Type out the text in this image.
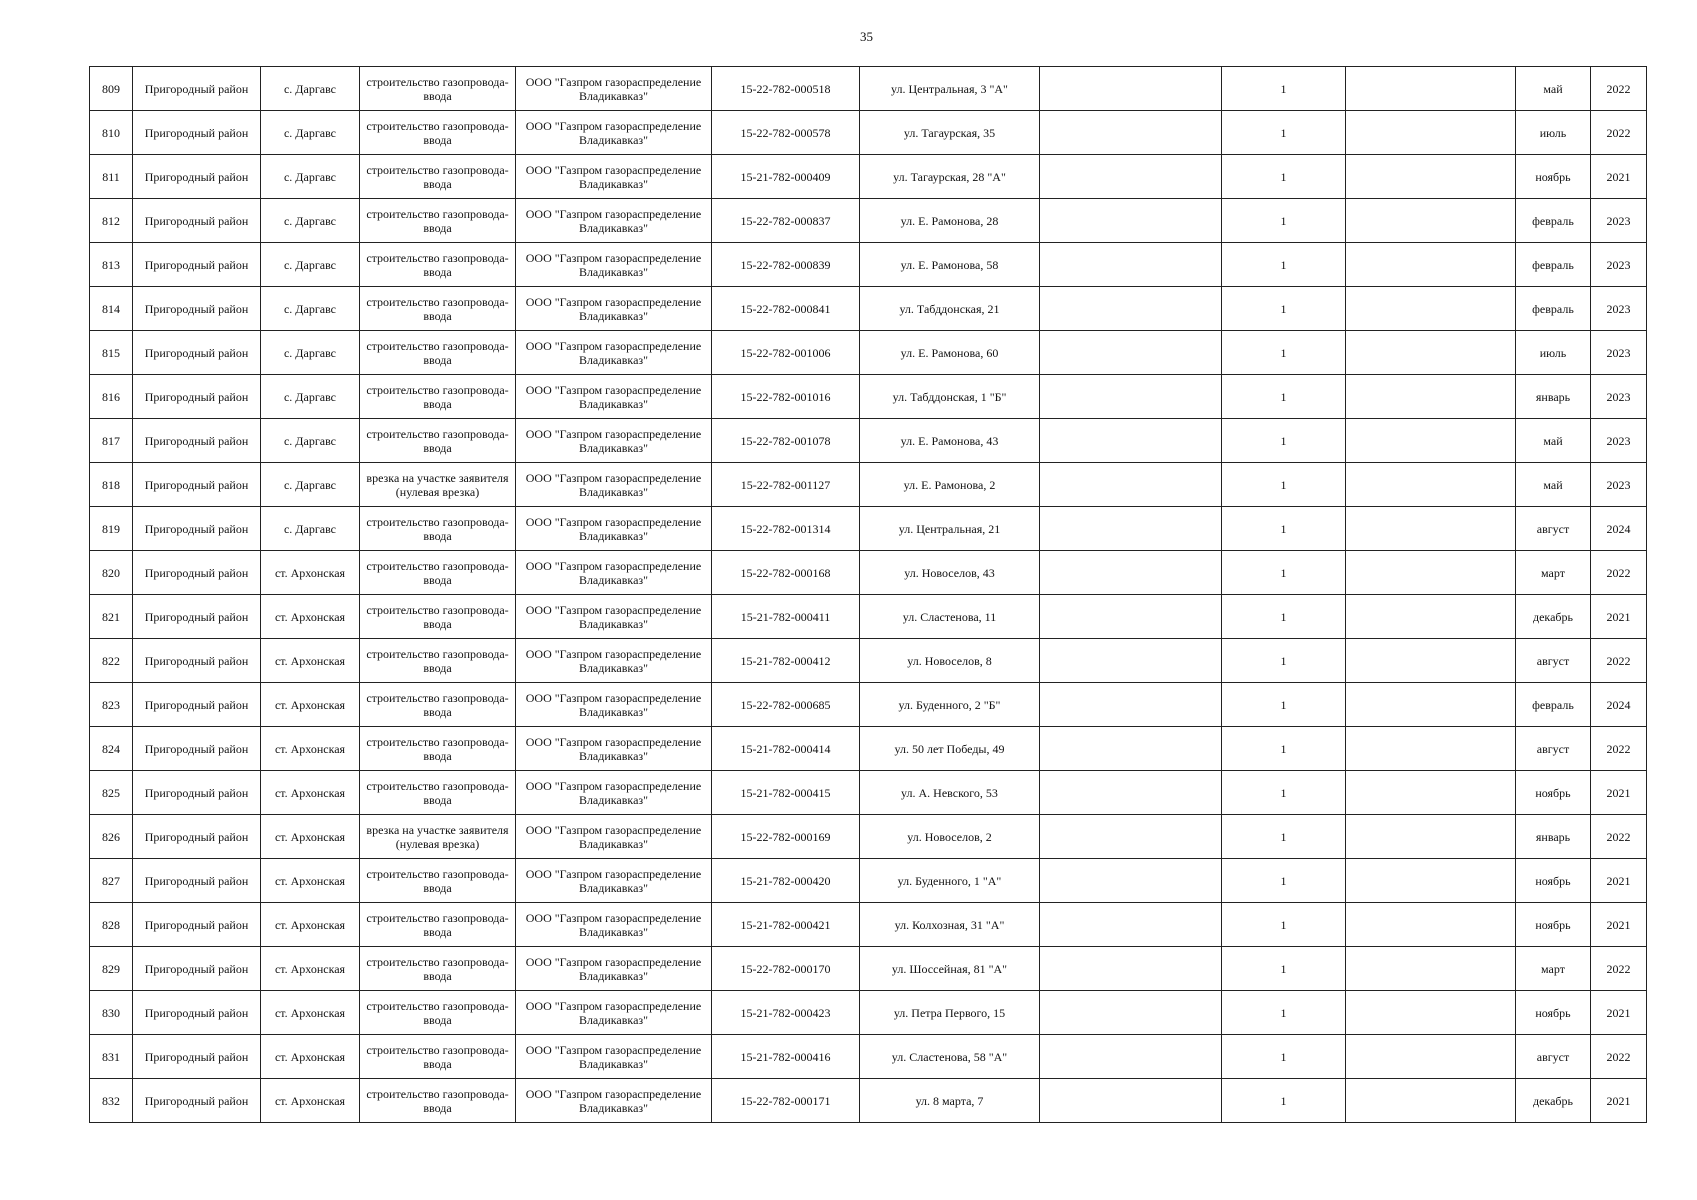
35
809	Пригородный район	с. Даргавс	строительство газопровода-ввода	ООО "Газпром газораспределение Владикавказ"	15-22-782-000518	ул. Центральная, 3 "А"		1		май	2022
810	Пригородный район	с. Даргавс	строительство газопровода-ввода	ООО "Газпром газораспределение Владикавказ"	15-22-782-000578	ул. Тагаурская, 35		1		июль	2022
811	Пригородный район	с. Даргавс	строительство газопровода-ввода	ООО "Газпром газораспределение Владикавказ"	15-21-782-000409	ул. Тагаурская, 28 "А"		1		ноябрь	2021
812	Пригородный район	с. Даргавс	строительство газопровода-ввода	ООО "Газпром газораспределение Владикавказ"	15-22-782-000837	ул. Е. Рамонова, 28		1		февраль	2023
813	Пригородный район	с. Даргавс	строительство газопровода-ввода	ООО "Газпром газораспределение Владикавказ"	15-22-782-000839	ул. Е. Рамонова, 58		1		февраль	2023
814	Пригородный район	с. Даргавс	строительство газопровода-ввода	ООО "Газпром газораспределение Владикавказ"	15-22-782-000841	ул. Табддонская, 21		1		февраль	2023
815	Пригородный район	с. Даргавс	строительство газопровода-ввода	ООО "Газпром газораспределение Владикавказ"	15-22-782-001006	ул. Е. Рамонова, 60		1		июль	2023
816	Пригородный район	с. Даргавс	строительство газопровода-ввода	ООО "Газпром газораспределение Владикавказ"	15-22-782-001016	ул. Табддонская, 1 "Б"		1		январь	2023
817	Пригородный район	с. Даргавс	строительство газопровода-ввода	ООО "Газпром газораспределение Владикавказ"	15-22-782-001078	ул. Е. Рамонова, 43		1		май	2023
818	Пригородный район	с. Даргавс	врезка на участке заявителя (нулевая врезка)	ООО "Газпром газораспределение Владикавказ"	15-22-782-001127	ул. Е. Рамонова, 2		1		май	2023
819	Пригородный район	с. Даргавс	строительство газопровода-ввода	ООО "Газпром газораспределение Владикавказ"	15-22-782-001314	ул. Центральная, 21		1		август	2024
820	Пригородный район	ст. Архонская	строительство газопровода-ввода	ООО "Газпром газораспределение Владикавказ"	15-22-782-000168	ул. Новоселов, 43		1		март	2022
821	Пригородный район	ст. Архонская	строительство газопровода-ввода	ООО "Газпром газораспределение Владикавказ"	15-21-782-000411	ул. Сластенова, 11		1		декабрь	2021
822	Пригородный район	ст. Архонская	строительство газопровода-ввода	ООО "Газпром газораспределение Владикавказ"	15-21-782-000412	ул. Новоселов, 8		1		август	2022
823	Пригородный район	ст. Архонская	строительство газопровода-ввода	ООО "Газпром газораспределение Владикавказ"	15-22-782-000685	ул. Буденного, 2 "Б"		1		февраль	2024
824	Пригородный район	ст. Архонская	строительство газопровода-ввода	ООО "Газпром газораспределение Владикавказ"	15-21-782-000414	ул. 50 лет Победы, 49		1		август	2022
825	Пригородный район	ст. Архонская	строительство газопровода-ввода	ООО "Газпром газораспределение Владикавказ"	15-21-782-000415	ул. А. Невского, 53		1		ноябрь	2021
826	Пригородный район	ст. Архонская	врезка на участке заявителя (нулевая врезка)	ООО "Газпром газораспределение Владикавказ"	15-22-782-000169	ул. Новоселов, 2		1		январь	2022
827	Пригородный район	ст. Архонская	строительство газопровода-ввода	ООО "Газпром газораспределение Владикавказ"	15-21-782-000420	ул. Буденного, 1 "А"		1		ноябрь	2021
828	Пригородный район	ст. Архонская	строительство газопровода-ввода	ООО "Газпром газораспределение Владикавказ"	15-21-782-000421	ул. Колхозная, 31 "А"		1		ноябрь	2021
829	Пригородный район	ст. Архонская	строительство газопровода-ввода	ООО "Газпром газораспределение Владикавказ"	15-22-782-000170	ул. Шоссейная, 81 "А"		1		март	2022
830	Пригородный район	ст. Архонская	строительство газопровода-ввода	ООО "Газпром газораспределение Владикавказ"	15-21-782-000423	ул. Петра Первого, 15		1		ноябрь	2021
831	Пригородный район	ст. Архонская	строительство газопровода-ввода	ООО "Газпром газораспределение Владикавказ"	15-21-782-000416	ул. Сластенова, 58 "А"		1		август	2022
832	Пригородный район	ст. Архонская	строительство газопровода-ввода	ООО "Газпром газораспределение Владикавказ"	15-22-782-000171	ул. 8 марта, 7		1		декабрь	2021
